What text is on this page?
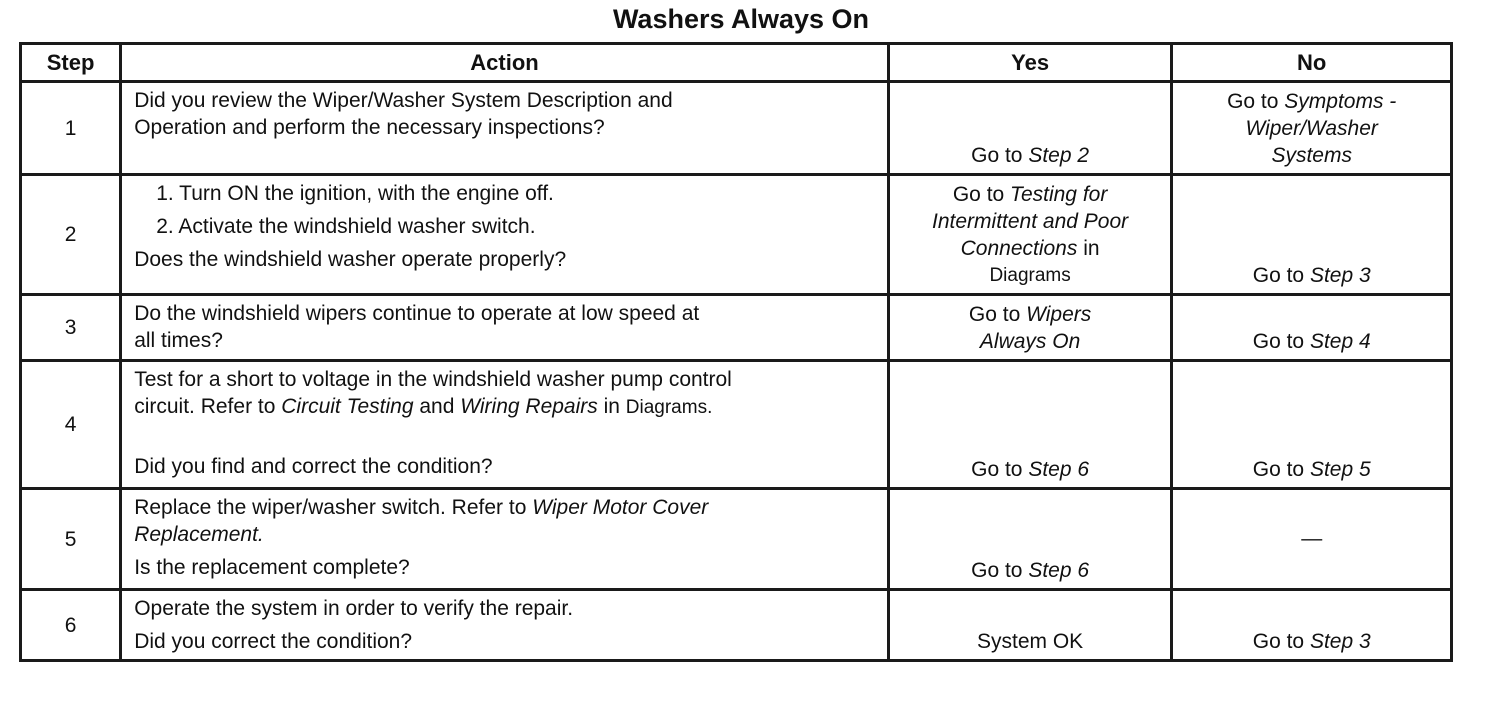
Washers Always On
Step	Action	Yes	No
1	Did you review the Wiper/Washer System Description and
Operation and perform the necessary inspections?	Go to Step 2	Go to Symptoms -
Wiper/Washer
Systems

2	1. Turn ON the ignition, with the engine off.
2. Activate the windshield washer switch.
Does the windshield washer operate properly?	Go to Testing for
Intermittent and Poor
Connections in
Diagrams	Go to Step 3
3	Do the windshield wipers continue to operate at low speed at
all times?	Go to Wipers
Always On	Go to Step 4
4	Test for a short to voltage in the windshield washer pump control
circuit. Refer to Circuit Testing and Wiring Repairs in Diagrams.
Did you find and correct the condition?	Go to Step 6	Go to Step 5
5	Replace the wiper/washer switch. Refer to Wiper Motor Cover
Replacement.
Is the replacement complete?	Go to Step 6	—
6	Operate the system in order to verify the repair.
Did you correct the condition?	System OK	Go to Step 3
